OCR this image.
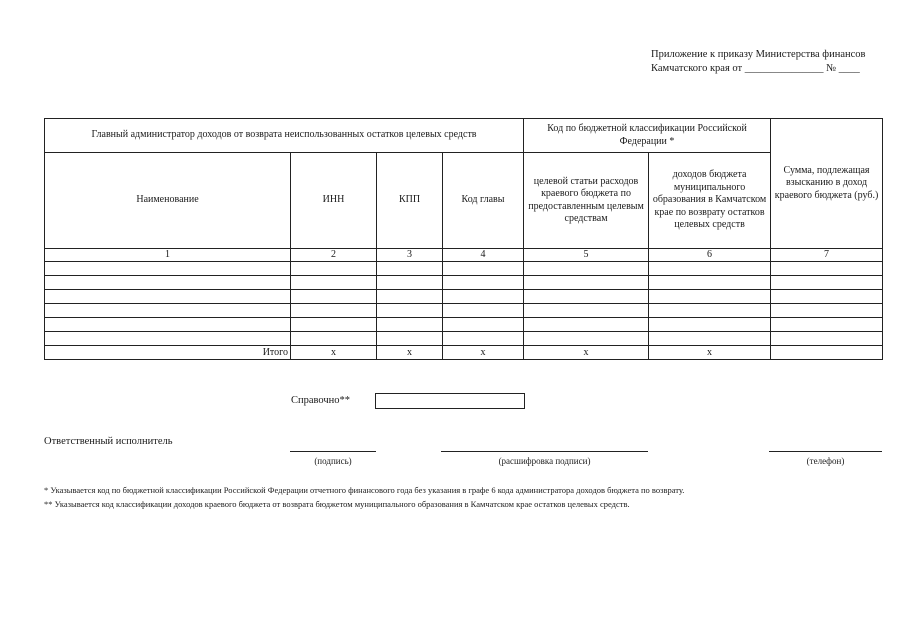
Приложение к приказу Министерства финансов
Камчатского края от _______________ № ____
Главный администратор доходов от возврата неиспользованных остатков целевых средств				Код по бюджетной классификации Российской Федерации *		Сумма, подлежащая взысканию в доход краевого бюджета (руб.)
Наименование	ИНН	КПП	Код главы	целевой статьи расходов краевого бюджета по предоставленным целевым средствам	доходов бюджета муниципального образования в Камчатском крае по возврату остатков целевых средств	
1	2	3	4	5	6	7

Итого	x	x	x	x	x	
Справочно**
Ответственный исполнитель
(подпись)	(расшифровка подписи)	(телефон)
* Указывается код по бюджетной классификации Российской Федерации отчетного финансового года без указания в графе 6 кода администратора доходов бюджета по возврату.
** Указывается код классификации доходов краевого бюджета от возврата бюджетом муниципального образования в Камчатском крае остатков целевых средств.
